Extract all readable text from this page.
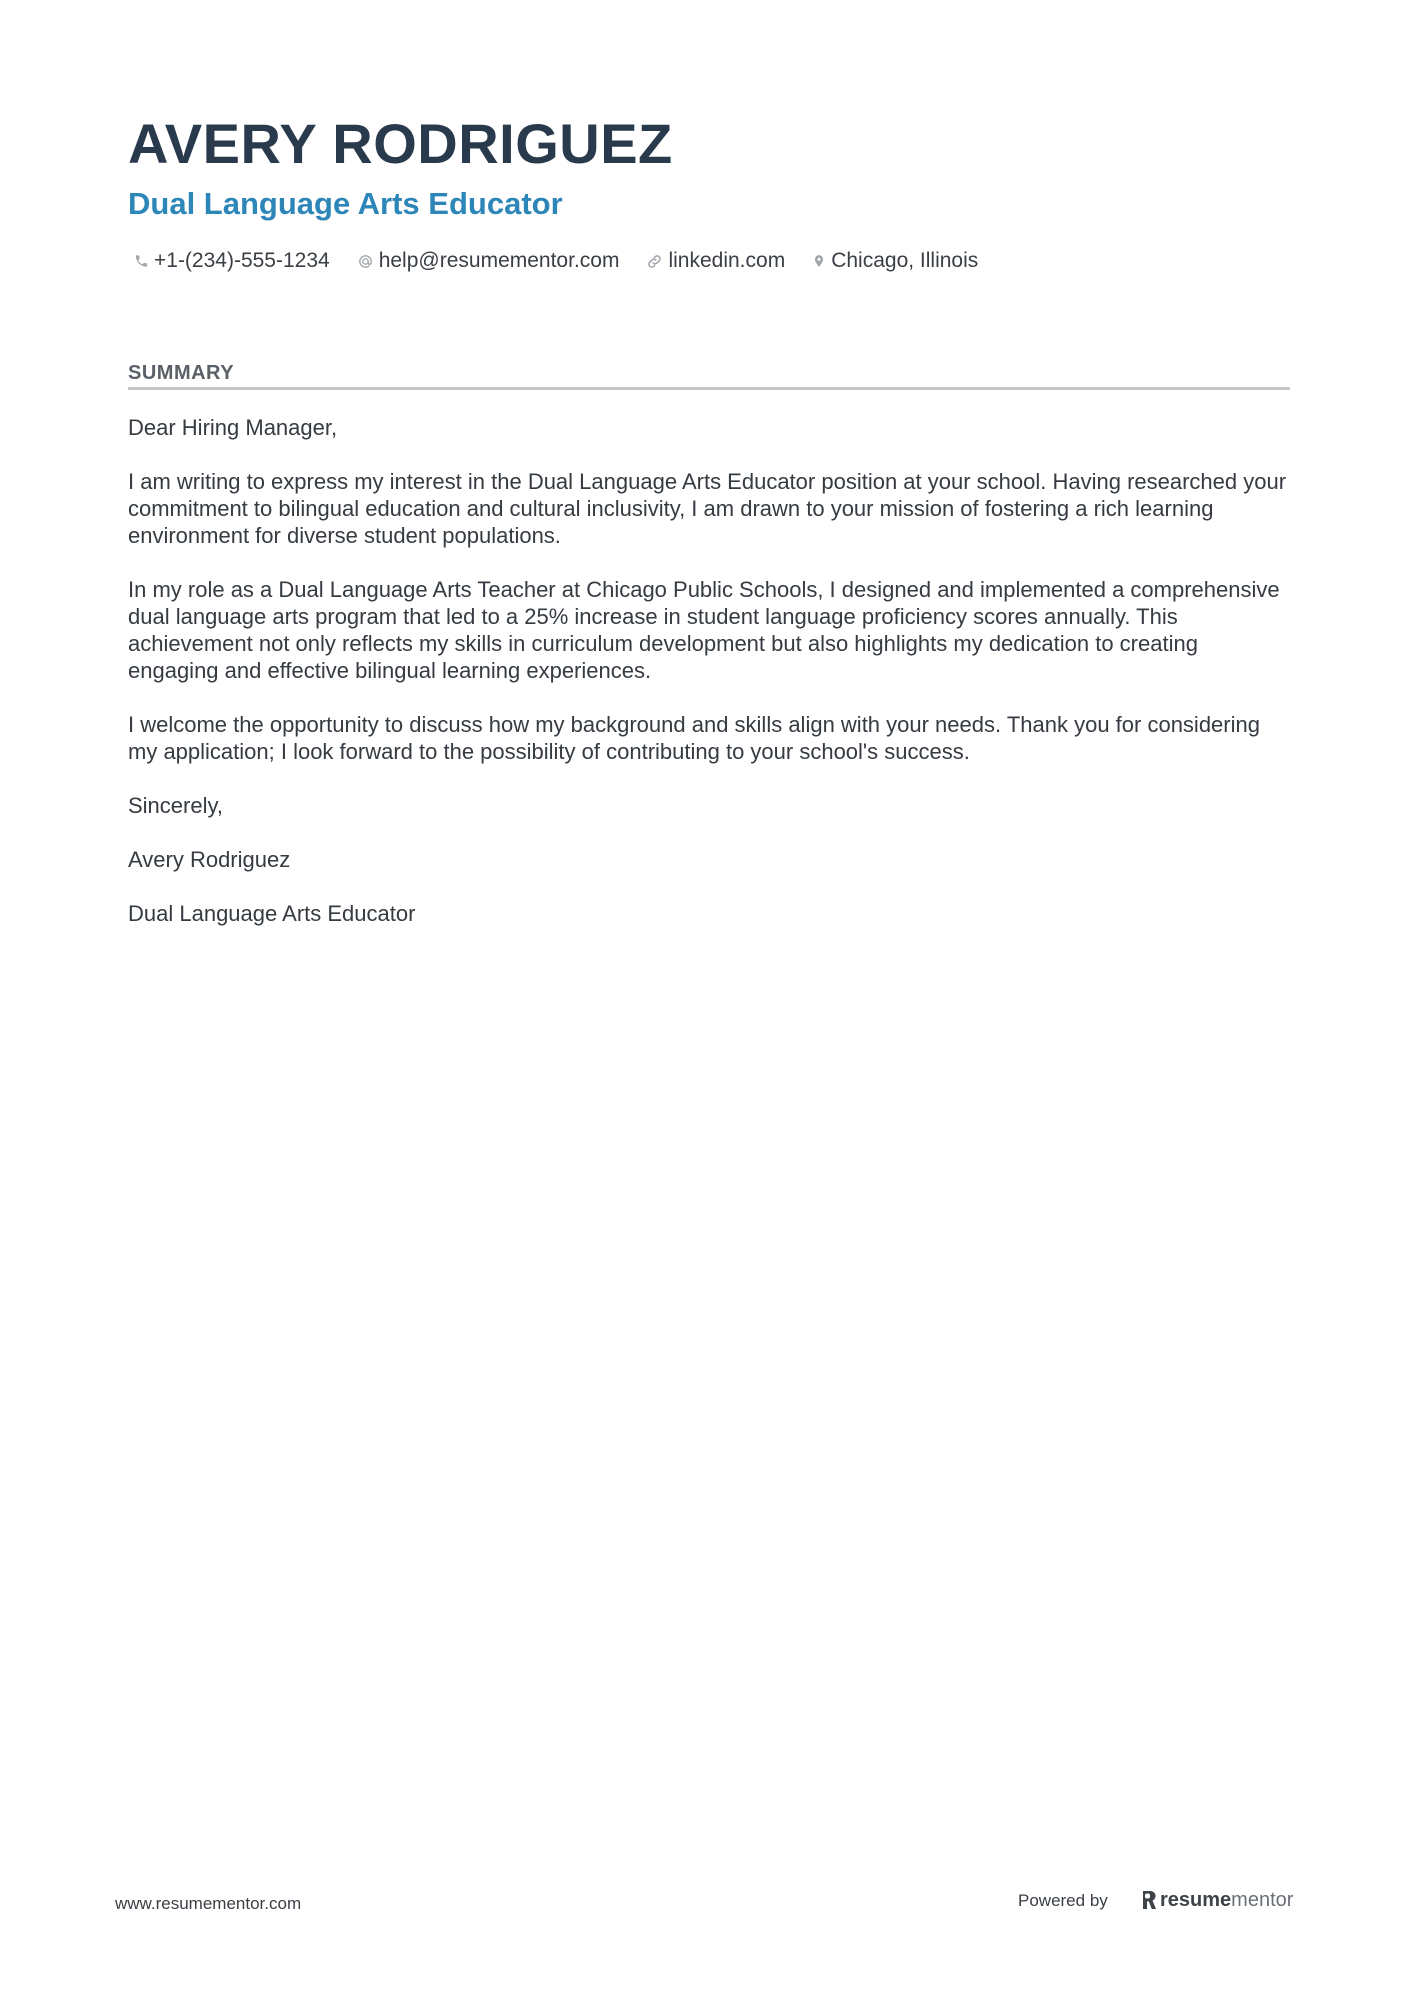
AVERY RODRIGUEZ
Dual Language Arts Educator
+1-(234)-555-1234 help@resumementor.com linkedin.com Chicago, Illinois
SUMMARY

Dear Hiring Manager,

I am writing to express my interest in the Dual Language Arts Educator position at your school. Having researched your commitment to bilingual education and cultural inclusivity, I am drawn to your mission of fostering a rich learning environment for diverse student populations.

In my role as a Dual Language Arts Teacher at Chicago Public Schools, I designed and implemented a comprehensive dual language arts program that led to a 25% increase in student language proficiency scores annually. This achievement not only reflects my skills in curriculum development but also highlights my dedication to creating engaging and effective bilingual learning experiences.

I welcome the opportunity to discuss how my background and skills align with your needs. Thank you for considering my application; I look forward to the possibility of contributing to your school's success.

Sincerely,

Avery Rodriguez

Dual Language Arts Educator

www.resumementor.com	Powered by	resume mentor
